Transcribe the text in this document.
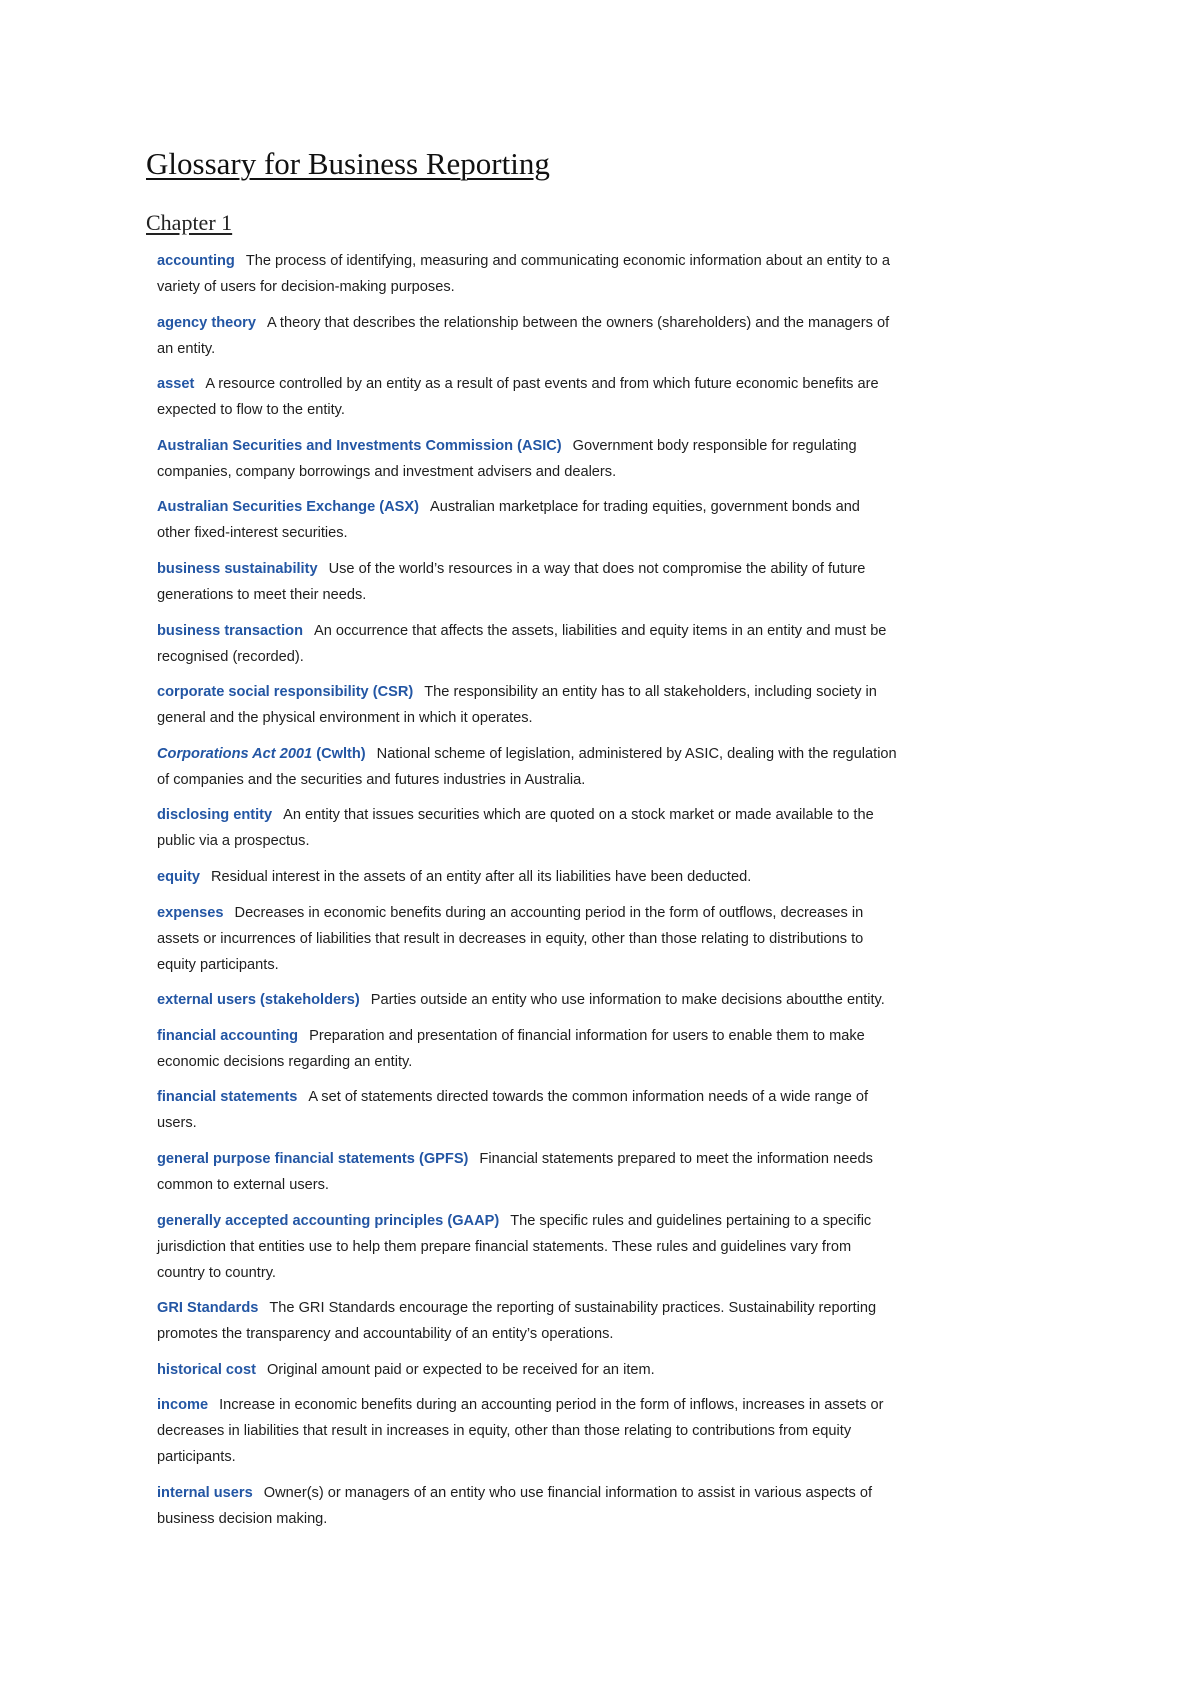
Glossary for Business Reporting
Chapter 1
accounting The process of identifying, measuring and communicating economic information about an entity to a variety of users for decision-making purposes.
agency theory A theory that describes the relationship between the owners (shareholders) and the managers of an entity.
asset A resource controlled by an entity as a result of past events and from which future economic benefits are expected to flow to the entity.
Australian Securities and Investments Commission (ASIC) Government body responsible for regulating companies, company borrowings and investment advisers and dealers.
Australian Securities Exchange (ASX) Australian marketplace for trading equities, government bonds and other fixed-interest securities.
business sustainability Use of the world’s resources in a way that does not compromise the ability of future generations to meet their needs.
business transaction An occurrence that affects the assets, liabilities and equity items in an entity and must be recognised (recorded).
corporate social responsibility (CSR) The responsibility an entity has to all stakeholders, including society in general and the physical environment in which it operates.
Corporations Act 2001 (Cwlth) National scheme of legislation, administered by ASIC, dealing with the regulation of companies and the securities and futures industries in Australia.
disclosing entity An entity that issues securities which are quoted on a stock market or made available to the public via a prospectus.
equity Residual interest in the assets of an entity after all its liabilities have been deducted.
expenses Decreases in economic benefits during an accounting period in the form of outflows, decreases in assets or incurrences of liabilities that result in decreases in equity, other than those relating to distributions to equity participants.
external users (stakeholders) Parties outside an entity who use information to make decisions aboutthe entity.
financial accounting Preparation and presentation of financial information for users to enable them to make economic decisions regarding an entity.
financial statements A set of statements directed towards the common information needs of a wide range of users.
general purpose financial statements (GPFS) Financial statements prepared to meet the information needs common to external users.
generally accepted accounting principles (GAAP) The specific rules and guidelines pertaining to a specific jurisdiction that entities use to help them prepare financial statements. These rules and guidelines vary from country to country.
GRI Standards The GRI Standards encourage the reporting of sustainability practices. Sustainability reporting promotes the transparency and accountability of an entity’s operations.
historical cost Original amount paid or expected to be received for an item.
income Increase in economic benefits during an accounting period in the form of inflows, increases in assets or decreases in liabilities that result in increases in equity, other than those relating to contributions from equity participants.
internal users Owner(s) or managers of an entity who use financial information to assist in various aspects of business decision making.
